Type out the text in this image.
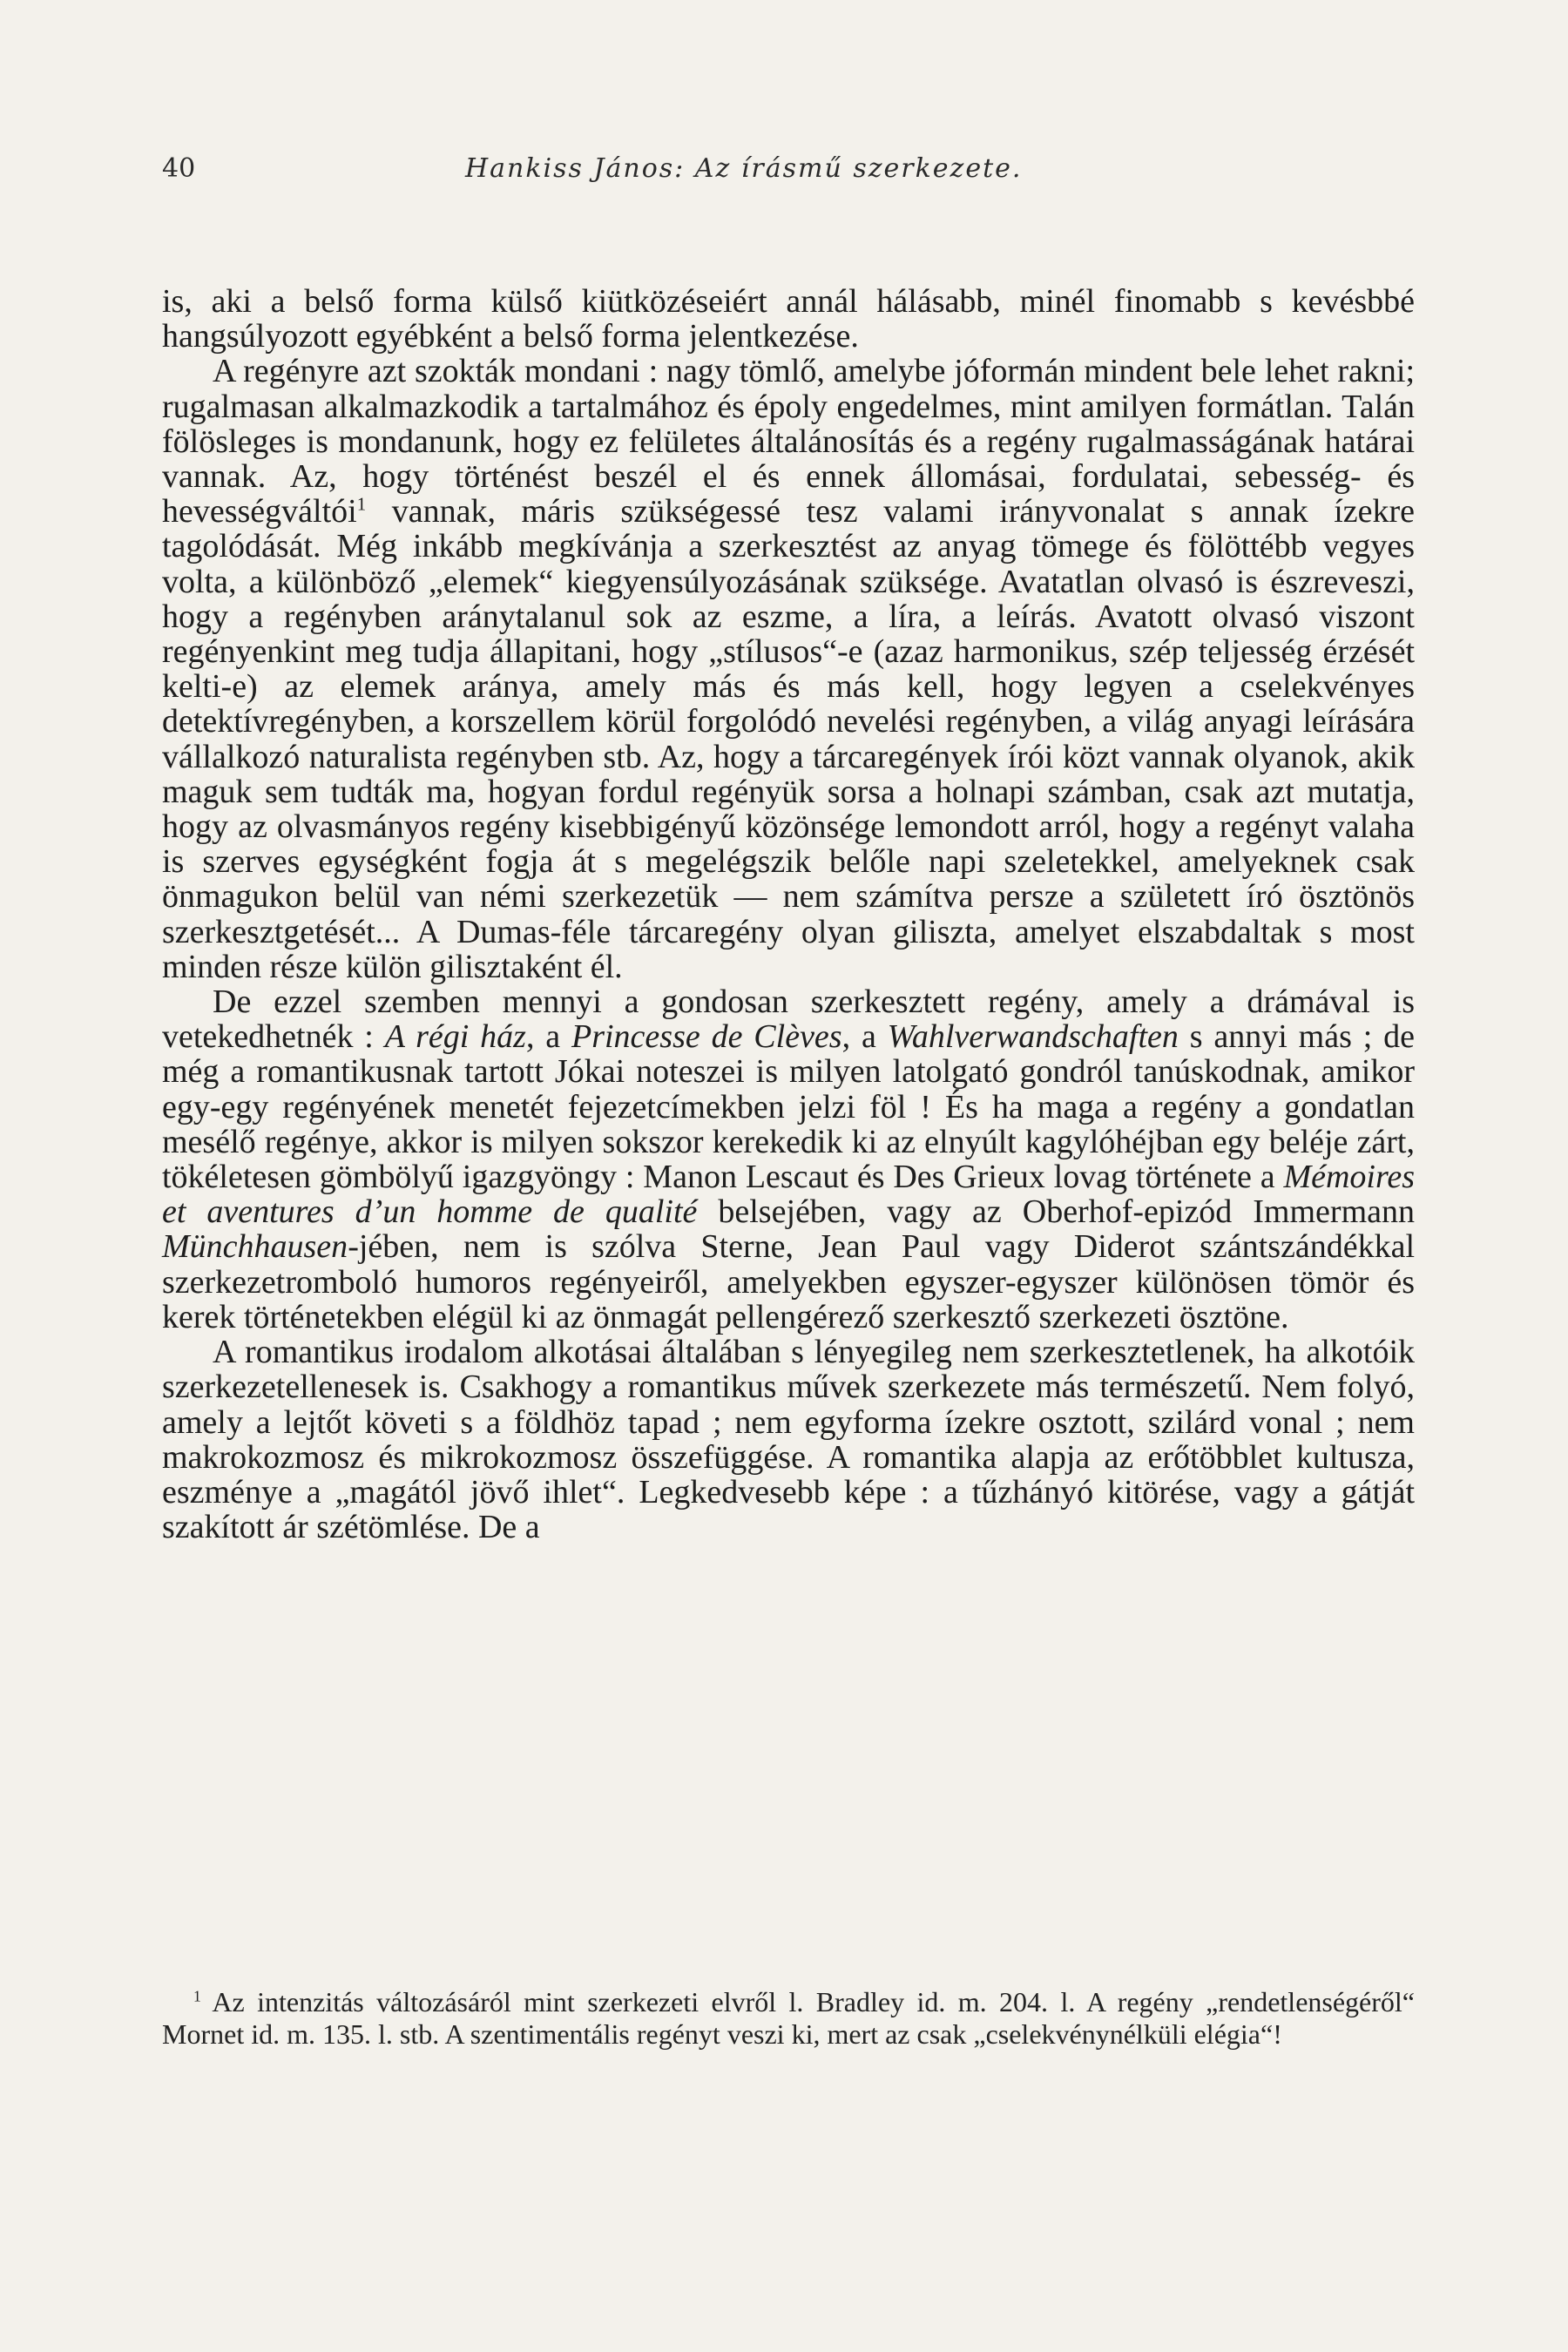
40	Hankiss János: Az írásmű szerkezete.

is, aki a belső forma külső kiütközéseiért annál hálásabb, minél finomabb s kevésbbé hangsúlyozott egyébként a belső forma jelentkezése.

A regényre azt szokták mondani : nagy tömlő, amelybe jóformán mindent bele lehet rakni; rugalmasan alkalmazkodik a tartalmához és époly engedelmes, mint amilyen formátlan. Talán fölösleges is mondanunk, hogy ez felületes általánosítás és a regény rugalmasságának határai vannak. Az, hogy történést beszél el és ennek állomásai, fordulatai, sebesség- és hevességváltói$^1$ vannak, máris szükségessé tesz valami irányvonalat s annak ízekre tagolódását. Még inkább megkívánja a szerkesztést az anyag tömege és fölöttébb vegyes volta, a különböző „elemek“ kiegyensúlyozásának szüksége. Avatatlan olvasó is észreveszi, hogy a regényben aránytalanul sok az eszme, a líra, a leírás. Avatott olvasó viszont regényenkint meg tudja állapitani, hogy „stílusos“-e (azaz harmonikus, szép teljesség érzését kelti-e) az elemek aránya, amely más és más kell, hogy legyen a cselekvényes detektívregényben, a korszellem körül forgolódó nevelési regényben, a világ anyagi leírására vállalkozó naturalista regényben stb. Az, hogy a tárcaregények írói közt vannak olyanok, akik maguk sem tudták ma, hogyan fordul regényük sorsa a holnapi számban, csak azt mutatja, hogy az olvasmányos regény kisebbigényű közönsége lemondott arról, hogy a regényt valaha is szerves egységként fogja át s megelégszik belőle napi szeletekkel, amelyeknek csak önmagukon belül van némi szerkezetük — nem számítva persze a született író ösztönös szerkesztgetését... A Dumas-féle tárcaregény olyan giliszta, amelyet elszabdaltak s most minden része külön gilisztaként él.

De ezzel szemben mennyi a gondosan szerkesztett regény, amely a drámával is vetekedhetnék : A régi ház, a Princesse de Clèves, a Wahlverwandschaften s annyi más ; de még a romantikusnak tartott Jókai noteszei is milyen latolgató gondról tanúskodnak, amikor egy-egy regényének menetét fejezetcímekben jelzi föl ! És ha maga a regény a gondatlan mesélő regénye, akkor is milyen sokszor kerekedik ki az elnyúlt kagylóhéjban egy beléje zárt, tökéletesen gömbölyű igazgyöngy : Manon Lescaut és Des Grieux lovag története a Mémoires et aventures d’un homme de qualité belsejében, vagy az Oberhof-epizód Immermann Münchhausen-jében, nem is szólva Sterne, Jean Paul vagy Diderot szántszándékkal szerkezetromboló humoros regényeiről, amelyekben egyszer-egyszer különösen tömör és kerek történetekben elégül ki az önmagát pellengérező szerkesztő szerkezeti ösztöne.

A romantikus irodalom alkotásai általában s lényegileg nem szerkesztetlenek, ha alkotóik szerkezetellenesek is. Csakhogy a romantikus művek szerkezete más természetű. Nem folyó, amely a lejtőt követi s a földhöz tapad ; nem egyforma ízekre osztott, szilárd vonal ; nem makrokozmosz és mikrokozmosz összefüggése. A romantika alapja az erőtöbblet kultusza, eszménye a „magától jövő ihlet“. Legkedvesebb képe : a tűzhányó kitörése, vagy a gátját szakított ár szétömlése. De a

$^1$ Az intenzitás változásáról mint szerkezeti elvről l. Bradley id. m. 204. l. A regény „rendetlenségéről“ Mornet id. m. 135. l. stb. A szentimentális regényt veszi ki, mert az csak „cselekvénynélküli elégia“!
